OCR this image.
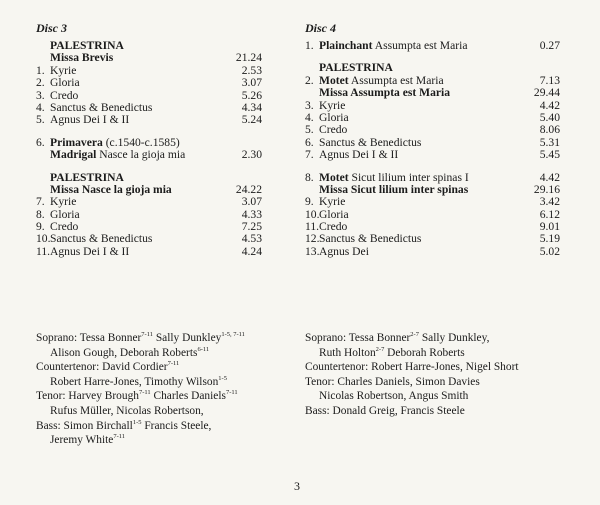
Disc 3
PALESTRINA
Missa Brevis	21.24
1. Kyrie	2.53
2. Gloria	3.07
3. Credo	5.26
4. Sanctus & Benedictus	4.34
5. Agnus Dei I & II	5.24
6. Primavera (c.1540-c.1585)
Madrigal Nasce la gioja mia	2.30
PALESTRINA
Missa Nasce la gioja mia	24.22
7. Kyrie	3.07
8. Gloria	4.33
9. Credo	7.25
10. Sanctus & Benedictus	4.53
11. Agnus Dei I & II	4.24
Disc 4
1. Plainchant Assumpta est Maria	0.27
PALESTRINA
2. Motet Assumpta est Maria	7.13
Missa Assumpta est Maria	29.44
3. Kyrie	4.42
4. Gloria	5.40
5. Credo	8.06
6. Sanctus & Benedictus	5.31
7. Agnus Dei I & II	5.45
8. Motet Sicut lilium inter spinas I	4.42
Missa Sicut lilium inter spinas	29.16
9. Kyrie	3.42
10. Gloria	6.12
11. Credo	9.01
12. Sanctus & Benedictus	5.19
13. Agnus Dei	5.02
Soprano: Tessa Bonner$^{7-11}$ Sally Dunkley$^{1-5, 7-11}$
Alison Gough, Deborah Roberts$^{6-11}$
Countertenor: David Cordier$^{7-11}$
Robert Harre-Jones, Timothy Wilson$^{1-5}$
Tenor: Harvey Brough$^{7-11}$ Charles Daniels$^{7-11}$
Rufus Müller, Nicolas Robertson,
Bass: Simon Birchall$^{1-5}$ Francis Steele,
Jeremy White$^{7-11}$
Soprano: Tessa Bonner$^{2-7}$ Sally Dunkley,
Ruth Holton$^{2-7}$ Deborah Roberts
Countertenor: Robert Harre-Jones, Nigel Short
Tenor: Charles Daniels, Simon Davies
Nicolas Robertson, Angus Smith
Bass: Donald Greig, Francis Steele
3
